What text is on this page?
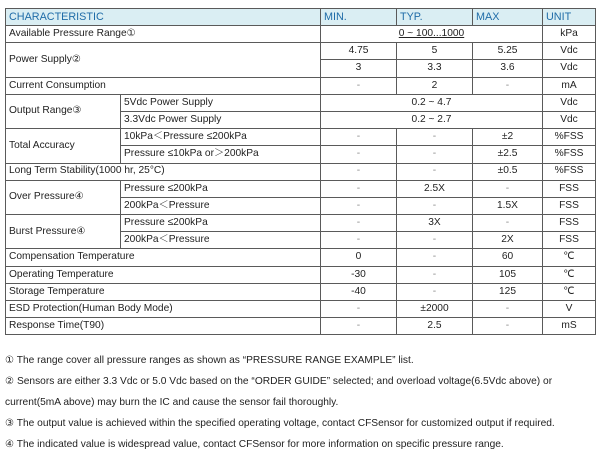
CHARACTERISTIC		MIN.	TYP.	MAX	UNIT
Available Pressure Range①		0 ~ 100...1000			kPa
Power Supply②		4.75	5	5.25	Vdc
		3	3.3	3.6	Vdc
Current Consumption		-	2	-	mA
Output Range③	5Vdc Power Supply	0.2 ~ 4.7			Vdc
	3.3Vdc Power Supply	0.2 ~ 2.7			Vdc
Total Accuracy	10kPa＜Pressure ≤200kPa	-	-	±2	%FSS
	Pressure ≤10kPa or＞200kPa	-	-	±2.5	%FSS
Long Term Stability(1000 hr, 25°C)		-	-	±0.5	%FSS
Over Pressure④	Pressure ≤200kPa	-	2.5X	-	FSS
	200kPa＜Pressure	-	-	1.5X	FSS
Burst Pressure④	Pressure ≤200kPa	-	3X	-	FSS
	200kPa＜Pressure	-	-	2X	FSS
Compensation Temperature		0	-	60	℃
Operating Temperature		-30	-	105	℃
Storage Temperature		-40	-	125	℃
ESD Protection(Human Body Mode)		-	±2000	-	V
Response Time(T90)		-	2.5	-	mS

① The range cover all pressure ranges as shown as “PRESSURE RANGE EXAMPLE” list.

② Sensors are either 3.3 Vdc or 5.0 Vdc based on the “ORDER GUIDE” selected; and overload voltage(6.5Vdc above) or

current(5mA above) may burn the IC and cause the sensor fail thoroughly.

③ The output value is achieved within the specified operating voltage, contact CFSensor for customized output if required.

④ The indicated value is widespread value, contact CFSensor for more information on specific pressure range.
